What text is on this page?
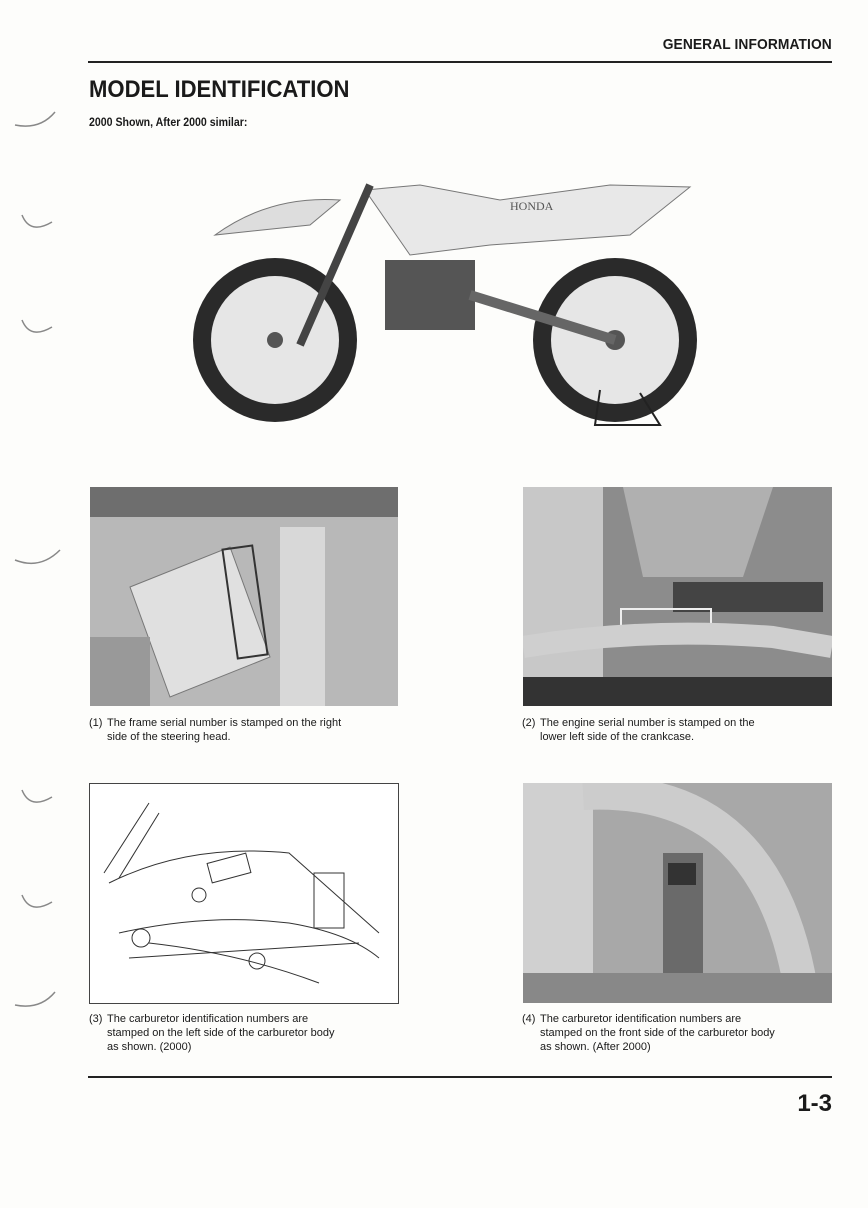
GENERAL INFORMATION
MODEL IDENTIFICATION
2000 Shown, After 2000 similar:
HONDA
(1) The frame serial number is stamped on the right
side of the steering head.
(2) The engine serial number is stamped on the
lower left side of the crankcase.
(3) The carburetor identification numbers are
stamped on the left side of the carburetor body
as shown. (2000)
(4) The carburetor identification numbers are
stamped on the front side of the carburetor body
as shown. (After 2000)
1-3
